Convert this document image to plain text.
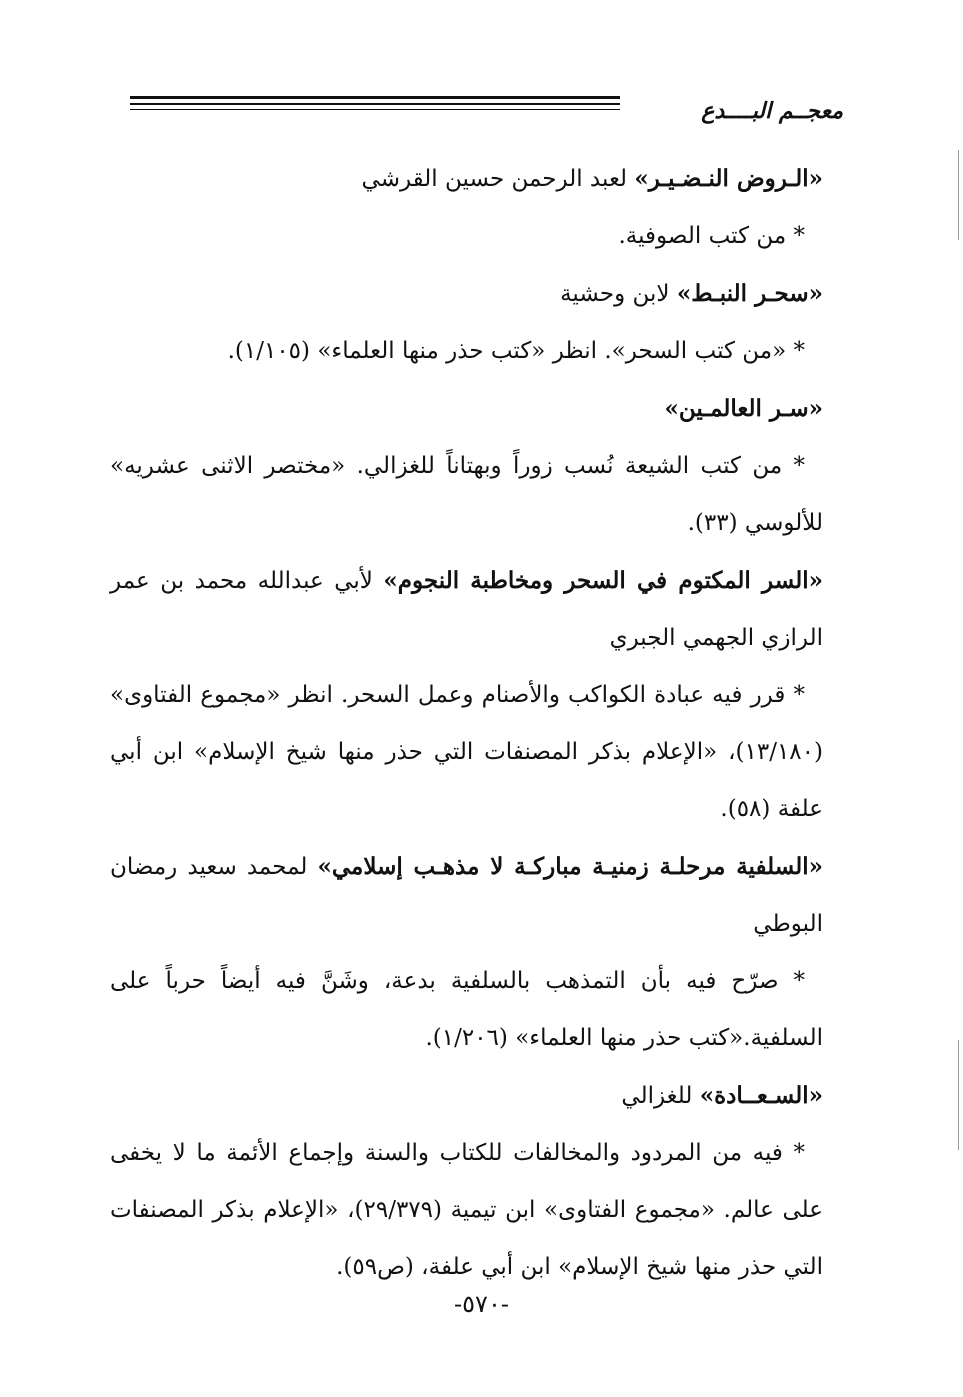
معجــم البــــدع

«الـروض النـضـيـر» لعبد الرحمن حسين القرشي

* من كتب الصوفية.

«سحـر النبـط» لابن وحشية

* «من كتب السحر». انظر «كتب حذر منها العلماء» (١/١٠٥).

«سـر العالمـين»

* من كتب الشيعة نُسب زوراً وبهتاناً للغزالي. «مختصر الاثنى عشريه» للألوسي (٣٣).

«السر المكتوم في السحر ومخاطبة النجوم» لأبي عبدالله محمد بن عمر الرازي الجهمي الجبري

* قرر فيه عبادة الكواكب والأصنام وعمل السحر. انظر «مجموع الفتاوى» (١٣/١٨٠)، «الإعلام بذكر المصنفات التي حذر منها شيخ الإسلام» ابن أبي علفة (٥٨).

«السلفية مرحلـة زمنيـة مباركـة لا مذهـب إسلامي» لمحمد سعيد رمضان البوطي

* صرّح فيه بأن التمذهب بالسلفية بدعة، وشَنَّ فيه أيضاً حرباً على السلفية.«كتب حذر منها العلماء» (١/٢٠٦).

«السـعــادة» للغزالي

* فيه من المردود والمخالفات للكتاب والسنة وإجماع الأئمة ما لا يخفى على عالم. «مجموع الفتاوى» ابن تيمية (٢٩/٣٧٩)، «الإعلام بذكر المصنفات التي حذر منها شيخ الإسلام» ابن أبي علفة، (ص٥٩).

-٥٧٠-
